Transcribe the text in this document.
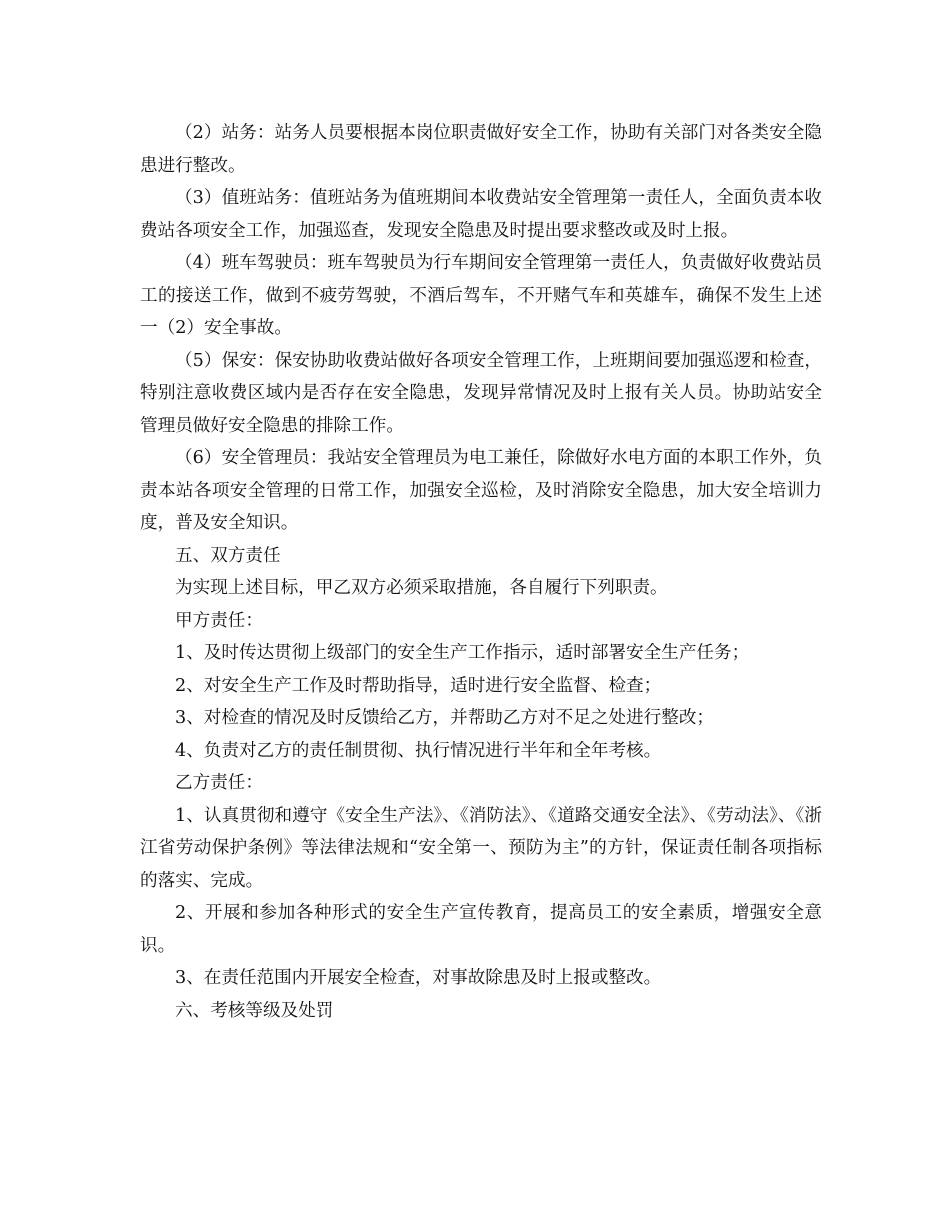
（2）站务：站务人员要根据本岗位职责做好安全工作，协助有关部门对各类安全隐患进行整改。

（3）值班站务：值班站务为值班期间本收费站安全管理第一责任人，全面负责本收费站各项安全工作，加强巡查，发现安全隐患及时提出要求整改或及时上报。

（4）班车驾驶员：班车驾驶员为行车期间安全管理第一责任人，负责做好收费站员工的接送工作，做到不疲劳驾驶，不酒后驾车，不开赌气车和英雄车，确保不发生上述一（2）安全事故。

（5）保安：保安协助收费站做好各项安全管理工作，上班期间要加强巡逻和检查，特别注意收费区域内是否存在安全隐患，发现异常情况及时上报有关人员。协助站安全管理员做好安全隐患的排除工作。

（6）安全管理员：我站安全管理员为电工兼任，除做好水电方面的本职工作外，负责本站各项安全管理的日常工作，加强安全巡检，及时消除安全隐患，加大安全培训力度，普及安全知识。

五、双方责任

为实现上述目标，甲乙双方必须采取措施，各自履行下列职责。

甲方责任：

1、及时传达贯彻上级部门的安全生产工作指示，适时部署安全生产任务；

2、对安全生产工作及时帮助指导，适时进行安全监督、检查；

3、对检查的情况及时反馈给乙方，并帮助乙方对不足之处进行整改；

4、负责对乙方的责任制贯彻、执行情况进行半年和全年考核。

乙方责任：

1、认真贯彻和遵守《安全生产法》、《消防法》、《道路交通安全法》、《劳动法》、《浙江省劳动保护条例》等法律法规和“安全第一、预防为主”的方针，保证责任制各项指标的落实、完成。

2、开展和参加各种形式的安全生产宣传教育，提高员工的安全素质，增强安全意识。

3、在责任范围内开展安全检查，对事故除患及时上报或整改。

六、考核等级及处罚
